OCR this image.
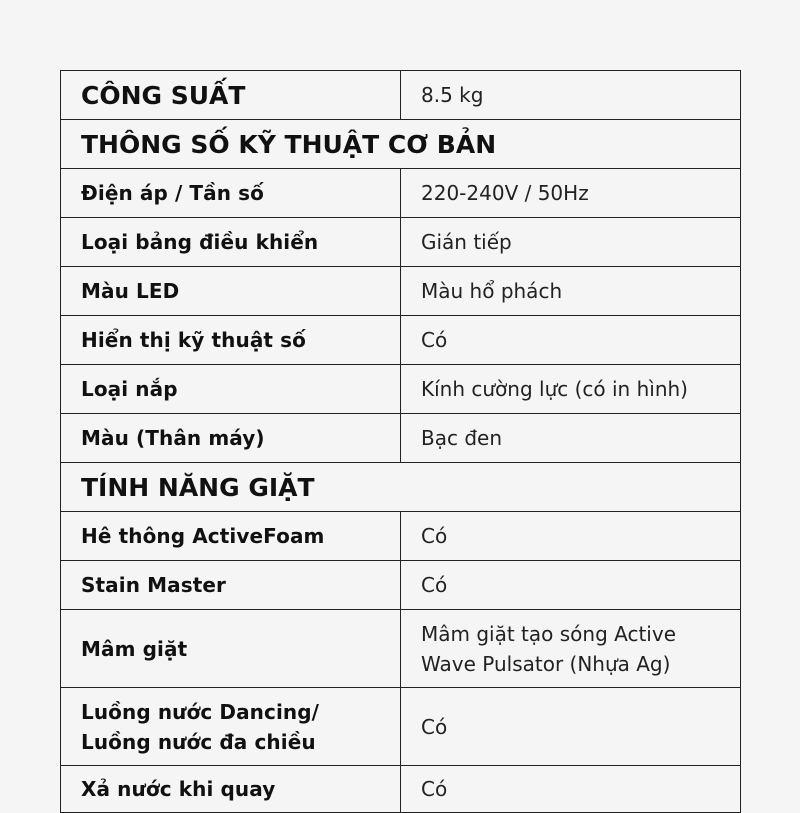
CÔNG SUẤT	8.5 kg
THÔNG SỐ KỸ THUẬT CƠ BẢN	
Điện áp / Tần số	220-240V / 50Hz
Loại bảng điều khiển	Gián tiếp
Màu LED	Màu hổ phách
Hiển thị kỹ thuật số	Có
Loại nắp	Kính cường lực (có in hình)
Màu (Thân máy)	Bạc đen
TÍNH NĂNG GIẶT	
Hê thông ActiveFoam	Có
Stain Master	Có
Mâm giặt	Mâm giặt tạo sóng Active Wave Pulsator (Nhựa Ag)
Luồng nước Dancing/ Luồng nước đa chiều	Có
Xả nước khi quay	Có
